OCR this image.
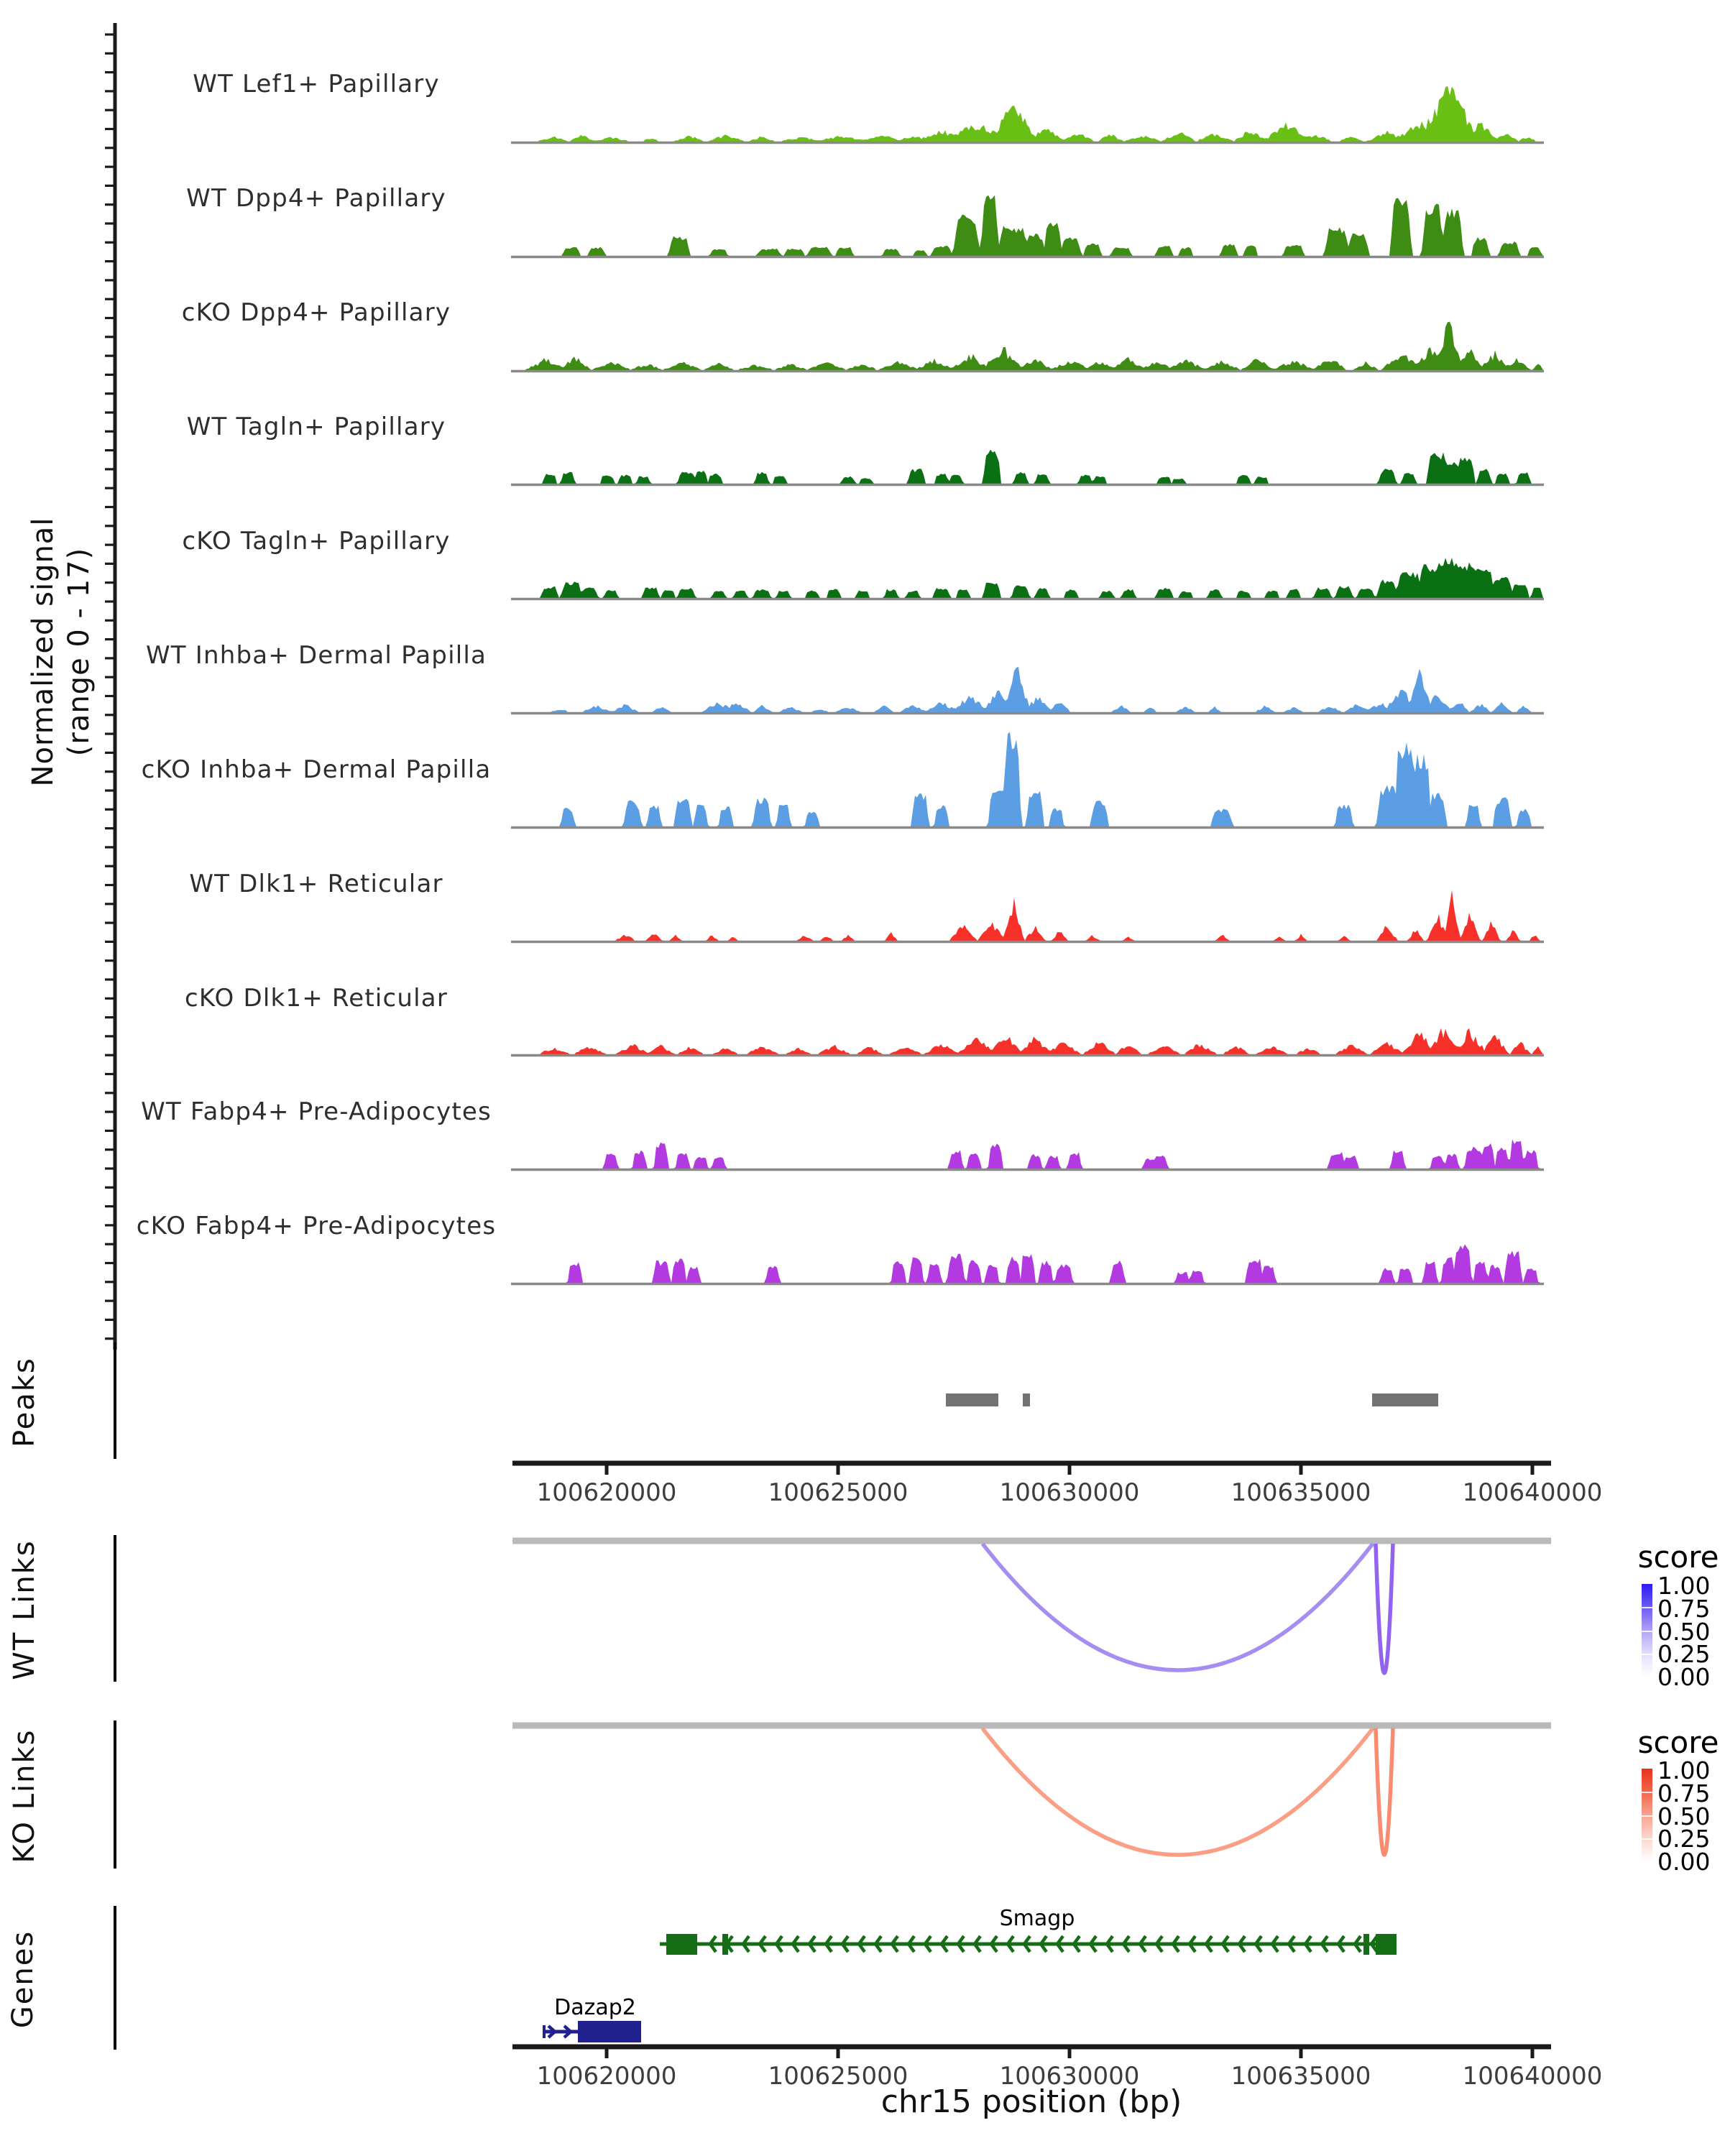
100620000	100625000	100630000	100635000	100640000
100620000	100625000	100630000	100635000	100640000
Normalized signal (range 0 - 17)
WT Lef1+ Papillary
WT Dpp4+ Papillary
cKO Dpp4+ Papillary
WT Tagln+ Papillary
cKO Tagln+ Papillary
WT Inhba+ Dermal Papilla
cKO Inhba+ Dermal Papilla
WT Dlk1+ Reticular
cKO Dlk1+ Reticular
WT Fabp4+ Pre-Adipocytes
cKO Fabp4+ Pre-Adipocytes
Peaks
WT Links
KO Links
Genes
score
1.00
0.75
0.50
0.25
0.00
score
1.00
0.75
0.50
0.25
0.00
Smagp
Dazap2
chr15 position (bp)
